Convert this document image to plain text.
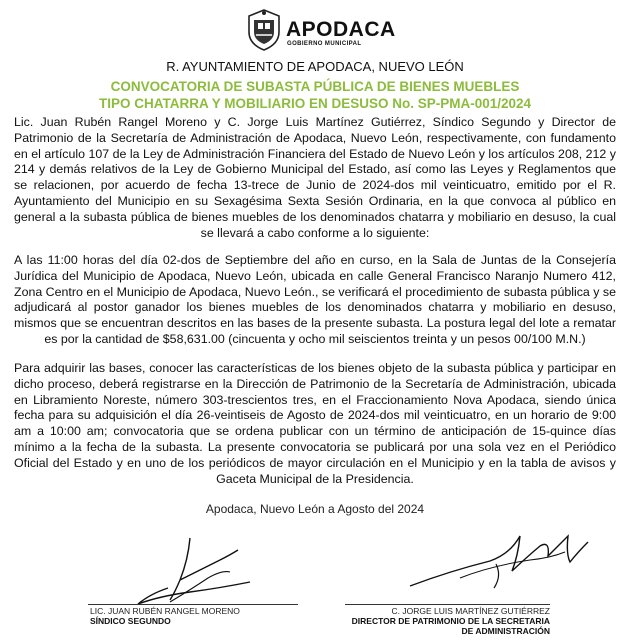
APODACA
GOBIERNO MUNICIPAL
R. AYUNTAMIENTO DE APODACA, NUEVO LEÓN
CONVOCATORIA DE SUBASTA PÚBLICA DE BIENES MUEBLES
TIPO CHATARRA Y MOBILIARIO EN DESUSO No. SP-PMA-001/2024
Lic. Juan Rubén Rangel Moreno y C. Jorge Luis Martínez Gutiérrez, Síndico Segundo y Director de Patrimonio de la Secretaría de Administración de Apodaca, Nuevo León, respectivamente, con fundamento en el artículo 107 de la Ley de Administración Financiera del Estado de Nuevo León y los artículos 208, 212 y 214 y demás relativos de la Ley de Gobierno Municipal del Estado, así como las Leyes y Reglamentos que se relacionen, por acuerdo de fecha 13-trece de Junio de 2024-dos mil veinticuatro, emitido por el R. Ayuntamiento del Municipio en su Sexagésima Sexta Sesión Ordinaria, en la que convoca al público en general a la subasta pública de bienes muebles de los denominados chatarra y mobiliario en desuso, la cual se llevará a cabo conforme a lo siguiente:
A las 11:00 horas del día 02-dos de Septiembre del año en curso, en la Sala de Juntas de la Consejería Jurídica del Municipio de Apodaca, Nuevo León, ubicada en calle General Francisco Naranjo Numero 412, Zona Centro en el Municipio de Apodaca, Nuevo León., se verificará el procedimiento de subasta pública y se adjudicará al postor ganador los bienes muebles de los denominados chatarra y mobiliario en desuso, mismos que se encuentran descritos en las bases de la presente subasta. La postura legal del lote a rematar es por la cantidad de $58,631.00 (cincuenta y ocho mil seiscientos treinta y un pesos 00/100 M.N.)
Para adquirir las bases, conocer las características de los bienes objeto de la subasta pública y participar en dicho proceso, deberá registrarse en la Dirección de Patrimonio de la Secretaría de Administración, ubicada en Libramiento Noreste, número 303-trescientos tres, en el Fraccionamiento Nova Apodaca, siendo única fecha para su adquisición el día 26-veintiseis de Agosto de 2024-dos mil veinticuatro, en un horario de 9:00 am a 10:00 am; convocatoria que se ordena publicar con un término de anticipación de 15-quince días mínimo a la fecha de la subasta. La presente convocatoria se publicará por una sola vez en el Periódico Oficial del Estado y en uno de los periódicos de mayor circulación en el Municipio y en la tabla de avisos y Gaceta Municipal de la Presidencia.
Apodaca, Nuevo León a Agosto del 2024
LIC. JUAN RUBÉN RANGEL MORENO
SÍNDICO SEGUNDO
C. JORGE LUIS MARTÍNEZ GUTIÉRREZ
DIRECTOR DE PATRIMONIO DE LA SECRETARIA
DE ADMINISTRACIÓN
